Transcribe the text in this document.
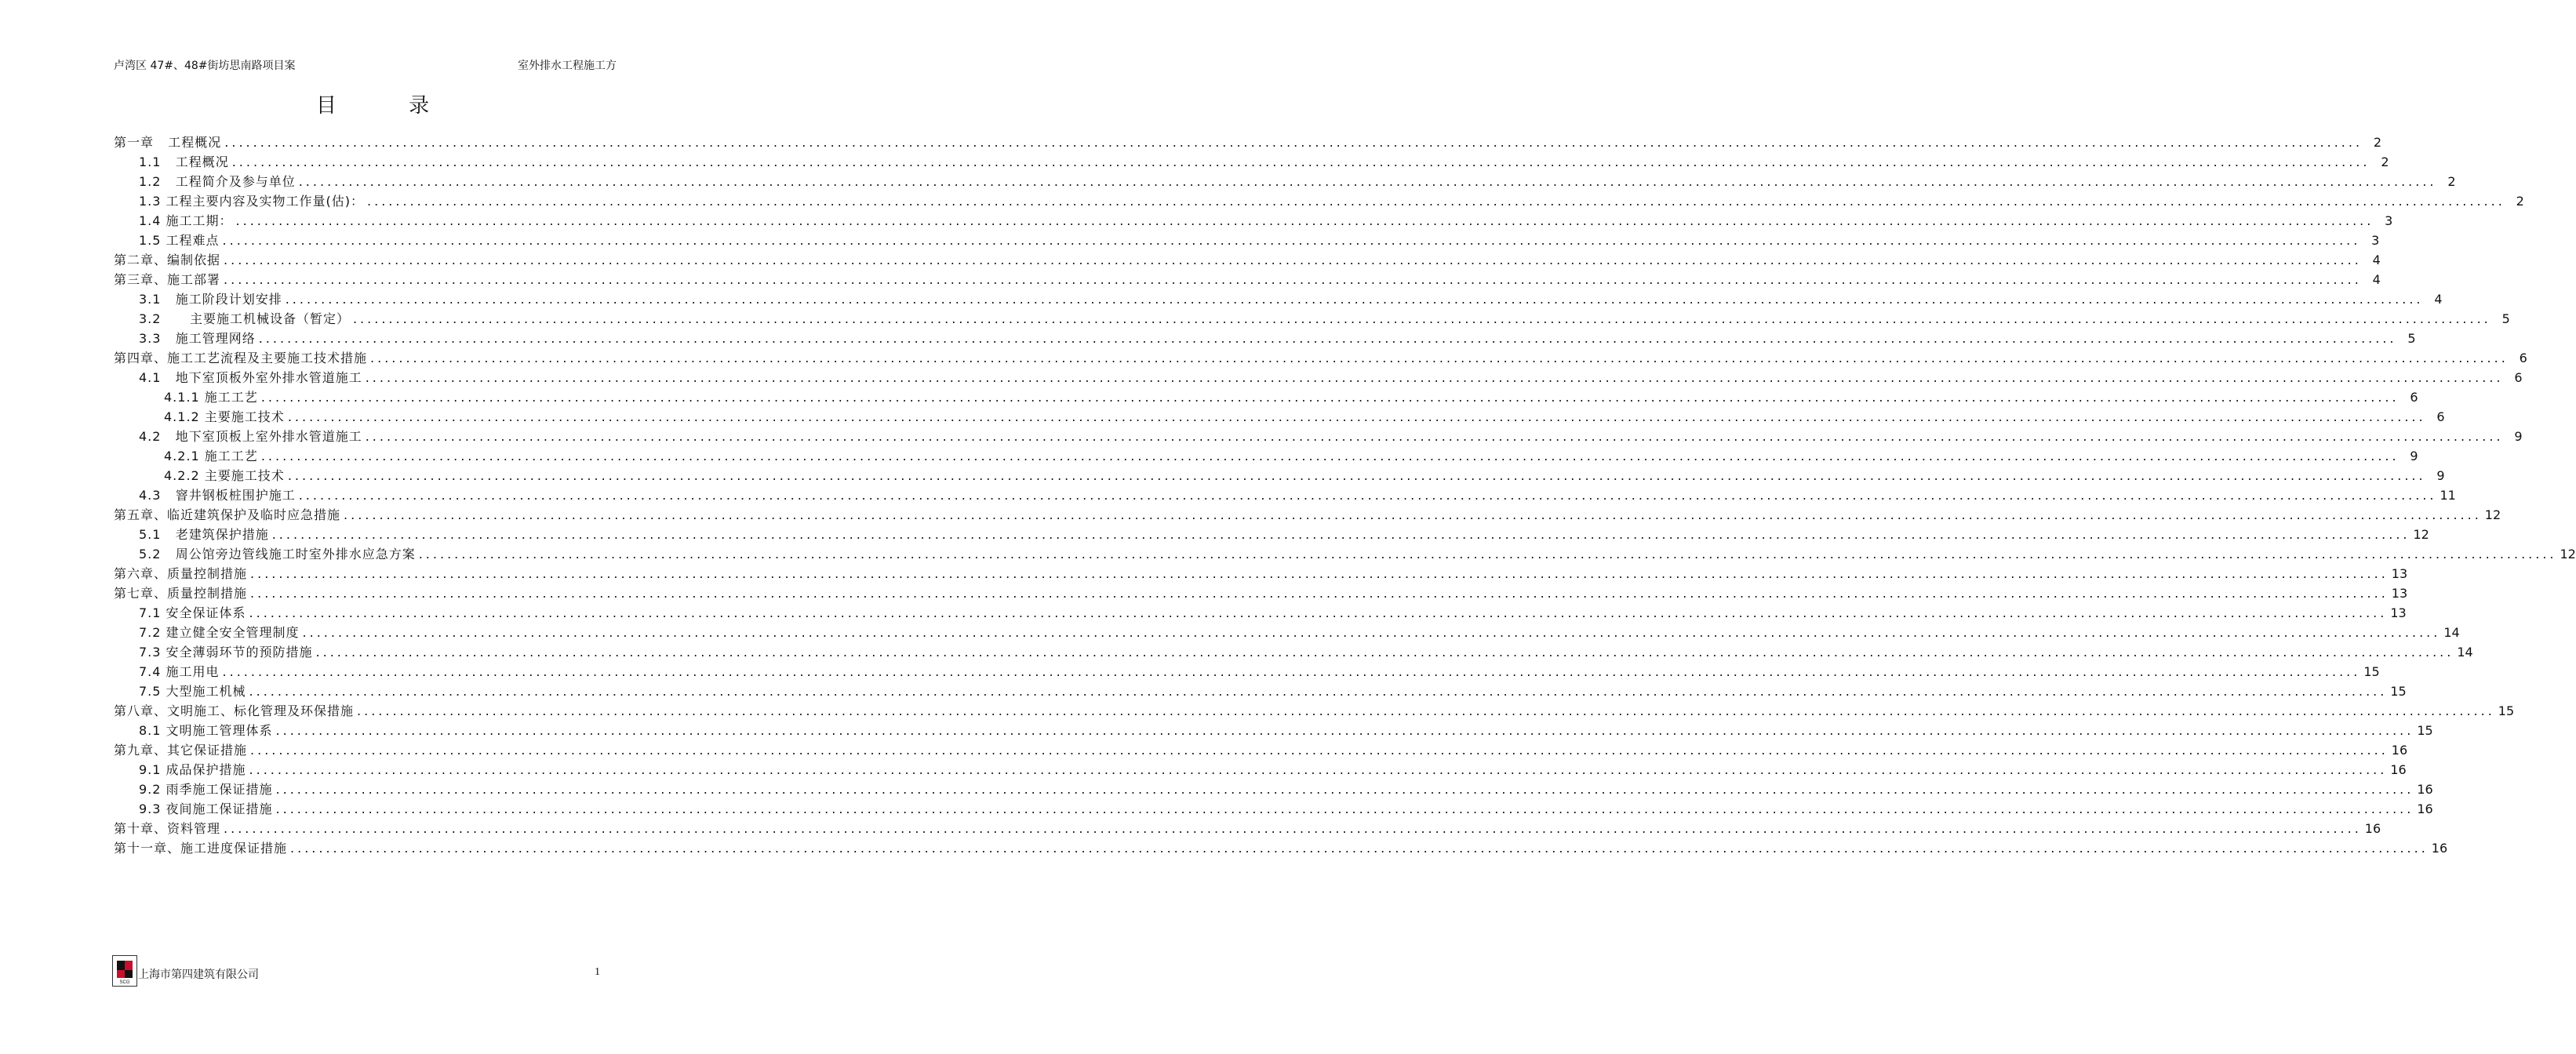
卢湾区 47#、48#街坊思南路项目案	室外排水工程施工方
目 录
第一章   工程概况 ............................................................................................................................................................................................................................................................................................................ 2
1.1   工程概况 ............................................................................................................................................................................................................................................................................................................ 2
1.2   工程简介及参与单位 ............................................................................................................................................................................................................................................................................................................ 2
1.3 工程主要内容及实物工作量(估)： ............................................................................................................................................................................................................................................................................................................ 2
1.4 施工工期： ............................................................................................................................................................................................................................................................................................................ 3
1.5 工程难点 ............................................................................................................................................................................................................................................................................................................ 3
第二章、编制依据 ............................................................................................................................................................................................................................................................................................................ 4
第三章、施工部署 ............................................................................................................................................................................................................................................................................................................ 4
3.1   施工阶段计划安排 ............................................................................................................................................................................................................................................................................................................ 4
3.2      主要施工机械设备（暂定） ............................................................................................................................................................................................................................................................................................................ 5
3.3   施工管理网络 ............................................................................................................................................................................................................................................................................................................ 5
第四章、施工工艺流程及主要施工技术措施 ............................................................................................................................................................................................................................................................................................................ 6
4.1   地下室顶板外室外排水管道施工 ............................................................................................................................................................................................................................................................................................................ 6
4.1.1 施工工艺 ............................................................................................................................................................................................................................................................................................................ 6
4.1.2 主要施工技术 ............................................................................................................................................................................................................................................................................................................ 6
4.2   地下室顶板上室外排水管道施工 ............................................................................................................................................................................................................................................................................................................ 9
4.2.1 施工工艺 ............................................................................................................................................................................................................................................................................................................ 9
4.2.2 主要施工技术 ............................................................................................................................................................................................................................................................................................................ 9
4.3   窨井钢板桩围护施工 ............................................................................................................................................................................................................................................................................................................ 11
第五章、临近建筑保护及临时应急措施 ............................................................................................................................................................................................................................................................................................................ 12
5.1   老建筑保护措施 ............................................................................................................................................................................................................................................................................................................ 12
5.2   周公馆旁边管线施工时室外排水应急方案 ............................................................................................................................................................................................................................................................................................................ 12
第六章、质量控制措施 ............................................................................................................................................................................................................................................................................................................ 13
第七章、质量控制措施 ............................................................................................................................................................................................................................................................................................................ 13
7.1 安全保证体系 ............................................................................................................................................................................................................................................................................................................ 13
7.2 建立健全安全管理制度 ............................................................................................................................................................................................................................................................................................................ 14
7.3 安全薄弱环节的预防措施 ............................................................................................................................................................................................................................................................................................................ 14
7.4 施工用电 ............................................................................................................................................................................................................................................................................................................ 15
7.5 大型施工机械 ............................................................................................................................................................................................................................................................................................................ 15
第八章、文明施工、标化管理及环保措施 ............................................................................................................................................................................................................................................................................................................ 15
8.1 文明施工管理体系 ............................................................................................................................................................................................................................................................................................................ 15
第九章、其它保证措施 ............................................................................................................................................................................................................................................................................................................ 16
9.1 成品保护措施 ............................................................................................................................................................................................................................................................................................................ 16
9.2 雨季施工保证措施 ............................................................................................................................................................................................................................................................................................................ 16
9.3 夜间施工保证措施 ............................................................................................................................................................................................................................................................................................................ 16
第十章、资料管理 ............................................................................................................................................................................................................................................................................................................ 16
第十一章、施工进度保证措施 ............................................................................................................................................................................................................................................................................................................ 16
SCG
上海市第四建筑有限公司	1
